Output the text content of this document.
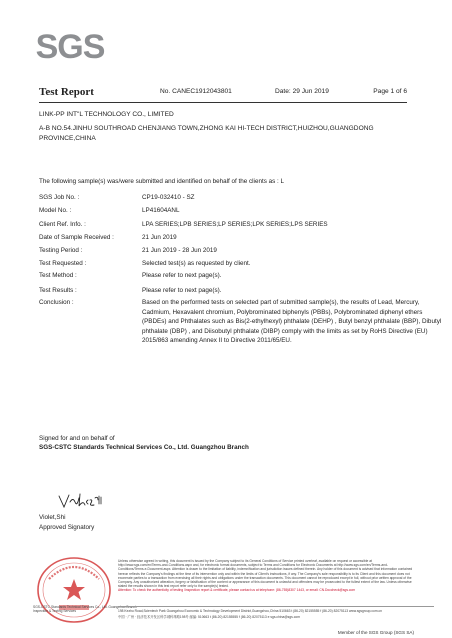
SGS
Test Report	No. CANEC1912043801	Date: 29 Jun 2019	Page 1 of 6
LINK-PP INT"L TECHNOLOGY CO., LIMITED
A-B NO.54.JINHU SOUTHROAD CHENJIANG TOWN,ZHONG KAI HI-TECH DISTRICT,HUIZHOU,GUANGDONG PROVINCE,CHINA
The following sample(s) was/were submitted and identified on behalf of the clients as : L
SGS Job No. :	CP19-032410 - SZ
Model No. :	LP41604ANL
Client Ref. Info. :	LPA SERIES;LPB SERIES;LP SERIES;LPK SERIES;LPS SERIES
Date of Sample Received :	21 Jun 2019
Testing Period :	21 Jun 2019 - 28 Jun 2019
Test Requested :	Selected test(s) as requested by client.
Test Method :	Please refer to next page(s).
Test Results :	Please refer to next page(s).
Conclusion :	Based on the performed tests on selected part of submitted sample(s), the results of Lead, Mercury, Cadmium, Hexavalent chromium, Polybrominated biphenyls (PBBs), Polybrominated diphenyl ethers (PBDEs) and Phthalates such as Bis(2-ethylhexyl) phthalate (DEHP) , Butyl benzyl phthalate (BBP), Dibutyl phthalate (DBP) , and Diisobutyl phthalate (DIBP) comply with the limits as set by RoHS Directive (EU) 2015/863 amending Annex II to Directive 2011/65/EU.
Signed for and on behalf of
SGS-CSTC Standards Technical Services Co., Ltd. Guangzhou Branch
Violet,Shi
Approved Signatory
Unless otherwise agreed in writing, this document is issued by the Company subject to its General Conditions of Service printed overleaf, available on request or accessible at http://www.sgs.com/en/Terms-and-Conditions.aspx and, for electronic format documents, subject to Terms and Conditions for Electronic Documents at http://www.sgs.com/en/Terms-and-Conditions/Terms-e-Document.aspx. Attention is drawn to the limitation of liability, indemnification and jurisdiction issues defined therein. Any holder of this document is advised that information contained hereon reflects the Company's findings at the time of its intervention only and within the limits of Client's instructions, if any. The Company's sole responsibility is to its Client and this document does not exonerate parties to a transaction from exercising all their rights and obligations under the transaction documents. This document cannot be reproduced except in full, without prior written approval of the Company. Any unauthorized alteration, forgery or falsification of the content or appearance of this document is unlawful and offenders may be prosecuted to the fullest extent of the law. Unless otherwise stated the results shown in this test report refer only to the sample(s) tested.
Attention: To check the authenticity of testing /inspection report & certificate, please contact us at telephone: (86-755)8307 1443, or email: CN.Doccheck@sgs.com
SGS-CSTC Standards Technical Services Co., Ltd. Guangzhou Branch
Inspection & Testing Services	198 Kezhu Road,Scientech Park Guangzhou Economic & Technology Development District,Guangzhou,China 510663 t (86-20) 82155555 f (86-20) 82075113 www.sgsgroup.com.cn
中国 · 广州 · 经济技术开发区科学城科珠路198号 邮编: 510663 t (86-20) 82155555 f (86-20) 82075113 e sgs.china@sgs.com
Member of the SGS Group (SGS SA)
